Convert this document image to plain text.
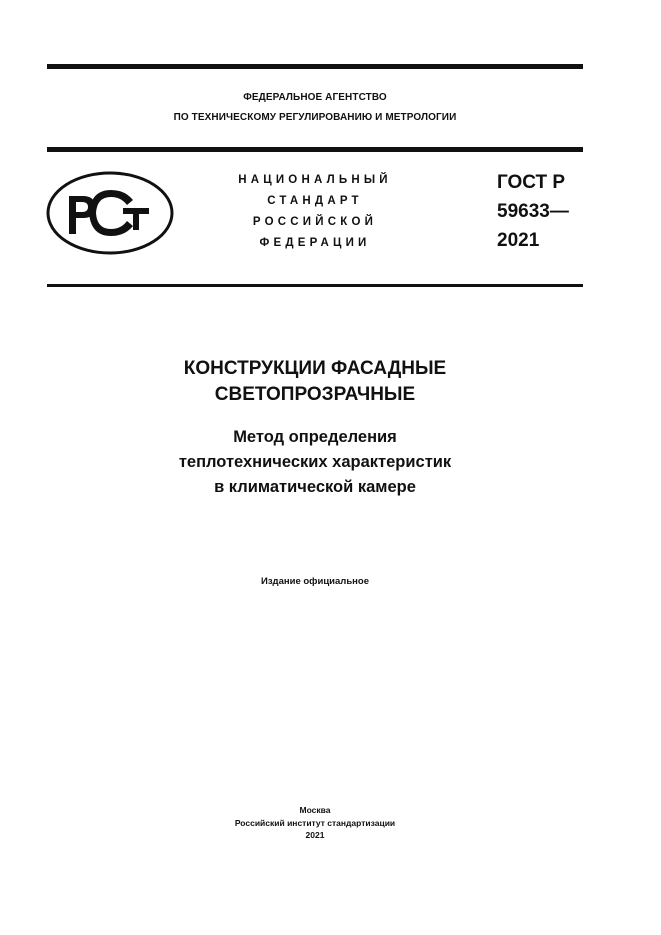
ФЕДЕРАЛЬНОЕ АГЕНТСТВО
ПО ТЕХНИЧЕСКОМУ РЕГУЛИРОВАНИЮ И МЕТРОЛОГИИ
НАЦИОНАЛЬНЫЙ
СТАНДАРТ
РОССИЙСКОЙ
ФЕДЕРАЦИИ
ГОСТ Р
59633—
2021
КОНСТРУКЦИИ ФАСАДНЫЕ
СВЕТОПРОЗРАЧНЫЕ
Метод определения
теплотехнических характеристик
в климатической камере
Издание официальное
Москва
Российский институт стандартизации
2021
